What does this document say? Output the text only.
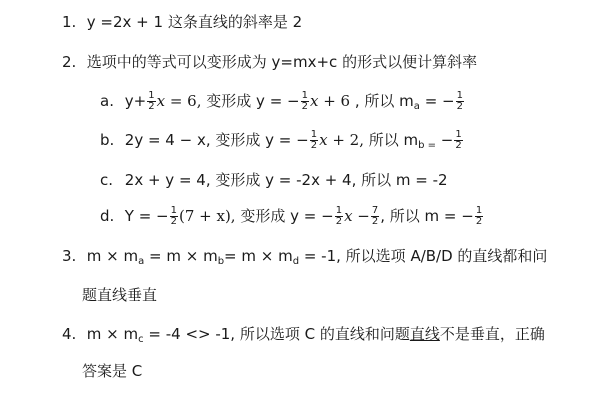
1. y =2x + 1 这条直线的斜率是 2
2. 选项中的等式可以变形成为 y=mx+c 的形式以便计算斜率
a. $y+ \frac{1}{2}$ x = 6, 变形成 y = − $\frac{1}{2}$ x + 6 , 所以 $m_a$ = − $\frac{1}{2}$
b. 2y = 4 − x, 变形成 y = − $\frac{1}{2}$ x + 2, 所以 $m_{b =} - \frac{1}{2}$
c. 2x + y = 4, 变形成 y = -2x + 4, 所以 m = -2
d. Y = − $\frac{1}{2} (7 + x)$, 变形成 y = − $\frac{1}{2}$ $x - \frac{7}{2}$ , 所以 m = − $\frac{1}{2}$
3. $m \times m_a = m \times m_b= m \times m_d = -1$, 所以选项 A/B/D 的直线都和问
题直线垂直
4. $m \times m_c = -4 <> -1$, 所以选项 C 的直线和问题直线不是垂直，正确
答案是 C
